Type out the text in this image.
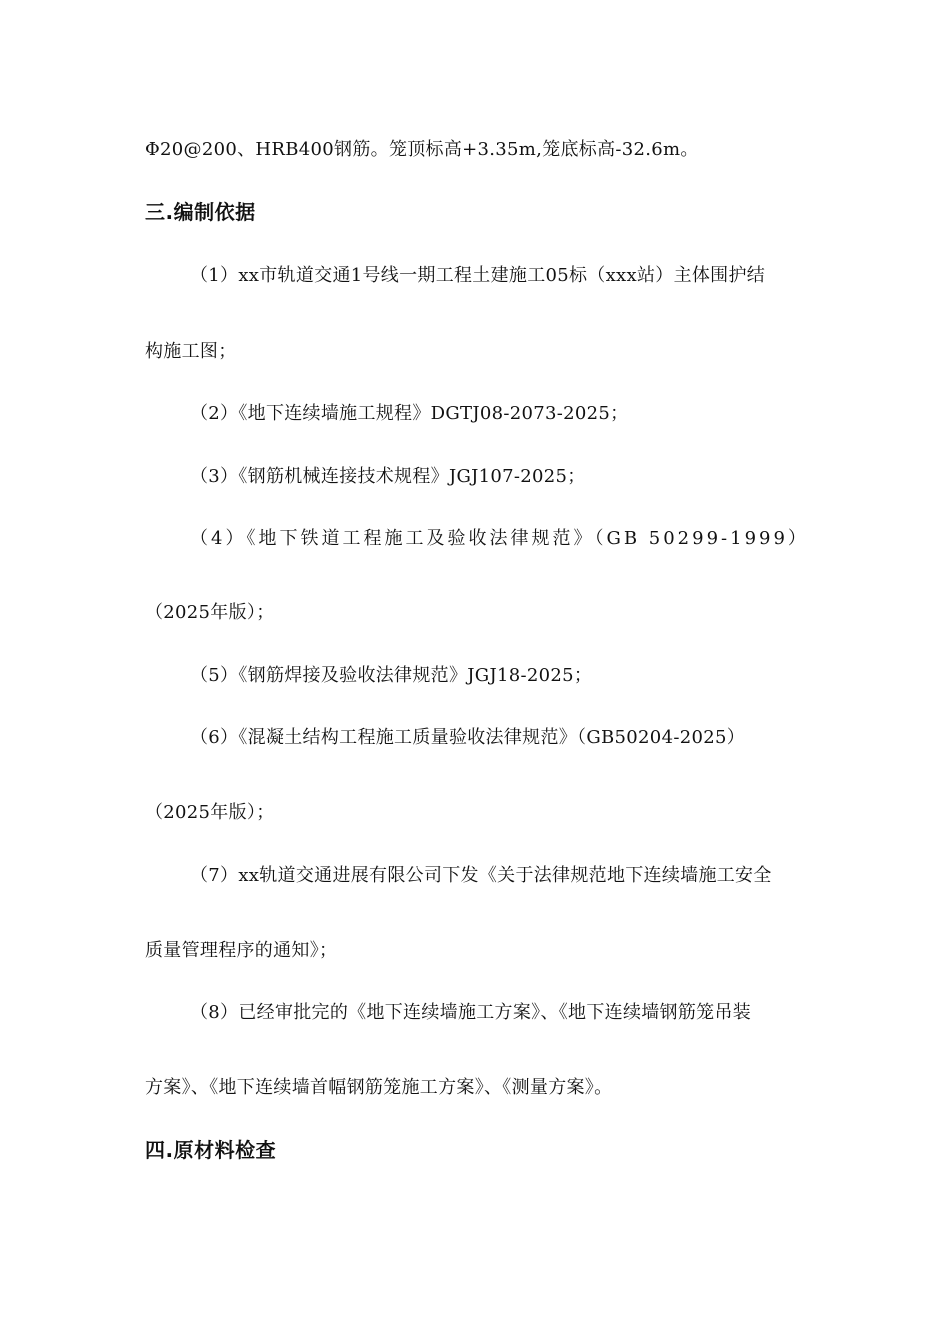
Φ20@200、HRB400钢筋。笼顶标高+3.35m,笼底标高-32.6m。
三.编制依据
（1）xx市轨道交通1号线一期工程土建施工05标（xxx站）主体围护结
构施工图；
（2）《地下连续墙施工规程》DGTJ08-2073-2025；
（3）《钢筋机械连接技术规程》JGJ107-2025；
（4）《地下铁道工程施工及验收法律规范》（GB 50299-1999）
（2025年版）；
（5）《钢筋焊接及验收法律规范》JGJ18-2025；
（6）《混凝土结构工程施工质量验收法律规范》（GB50204-2025）
（2025年版）；
（7）xx轨道交通进展有限公司下发《关于法律规范地下连续墙施工安全
质量管理程序的通知》；
（8）已经审批完的《地下连续墙施工方案》、《地下连续墙钢筋笼吊装
方案》、《地下连续墙首幅钢筋笼施工方案》、《测量方案》。
四.原材料检查
